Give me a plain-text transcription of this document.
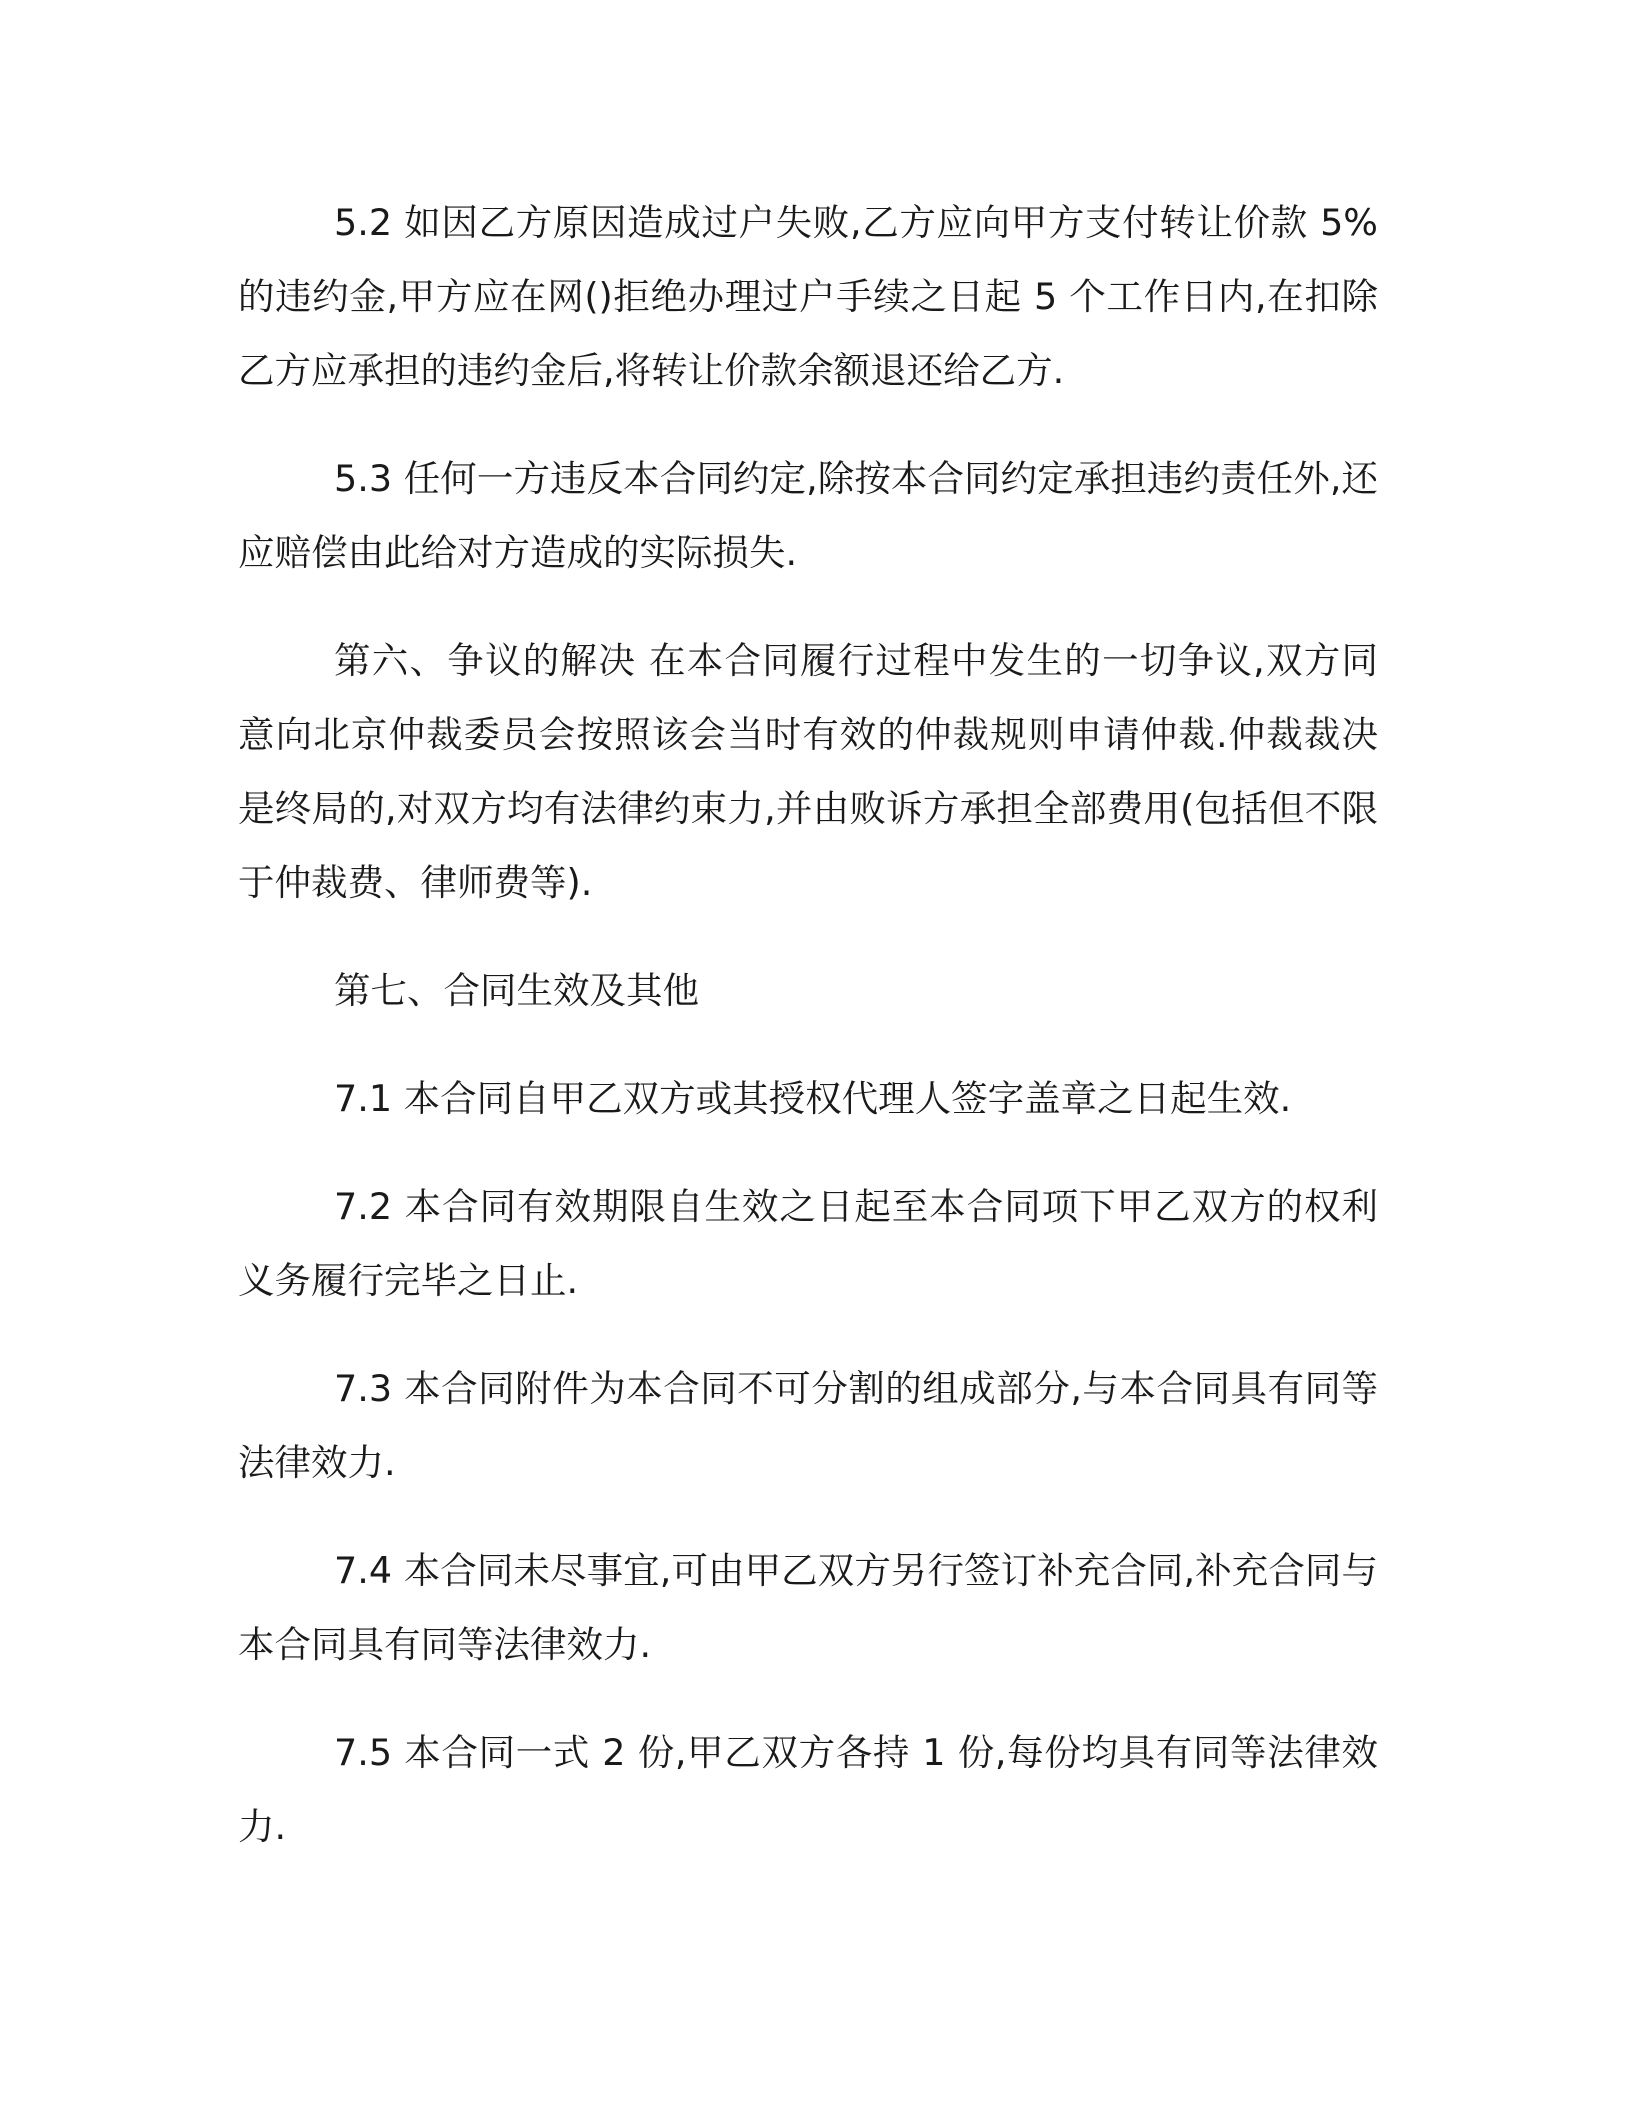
5.2 如因乙方原因造成过户失败,乙方应向甲方支付转让价款 5%的违约金,甲方应在网()拒绝办理过户手续之日起 5 个工作日内,在扣除乙方应承担的违约金后,将转让价款余额退还给乙方.

5.3 任何一方违反本合同约定,除按本合同约定承担违约责任外,还应赔偿由此给对方造成的实际损失.

第六、争议的解决 在本合同履行过程中发生的一切争议,双方同意向北京仲裁委员会按照该会当时有效的仲裁规则申请仲裁.仲裁裁决是终局的,对双方均有法律约束力,并由败诉方承担全部费用(包括但不限于仲裁费、律师费等).

第七、合同生效及其他

7.1 本合同自甲乙双方或其授权代理人签字盖章之日起生效.

7.2 本合同有效期限自生效之日起至本合同项下甲乙双方的权利义务履行完毕之日止.

7.3 本合同附件为本合同不可分割的组成部分,与本合同具有同等法律效力.

7.4 本合同未尽事宜,可由甲乙双方另行签订补充合同,补充合同与本合同具有同等法律效力.

7.5 本合同一式 2 份,甲乙双方各持 1 份,每份均具有同等法律效力.
